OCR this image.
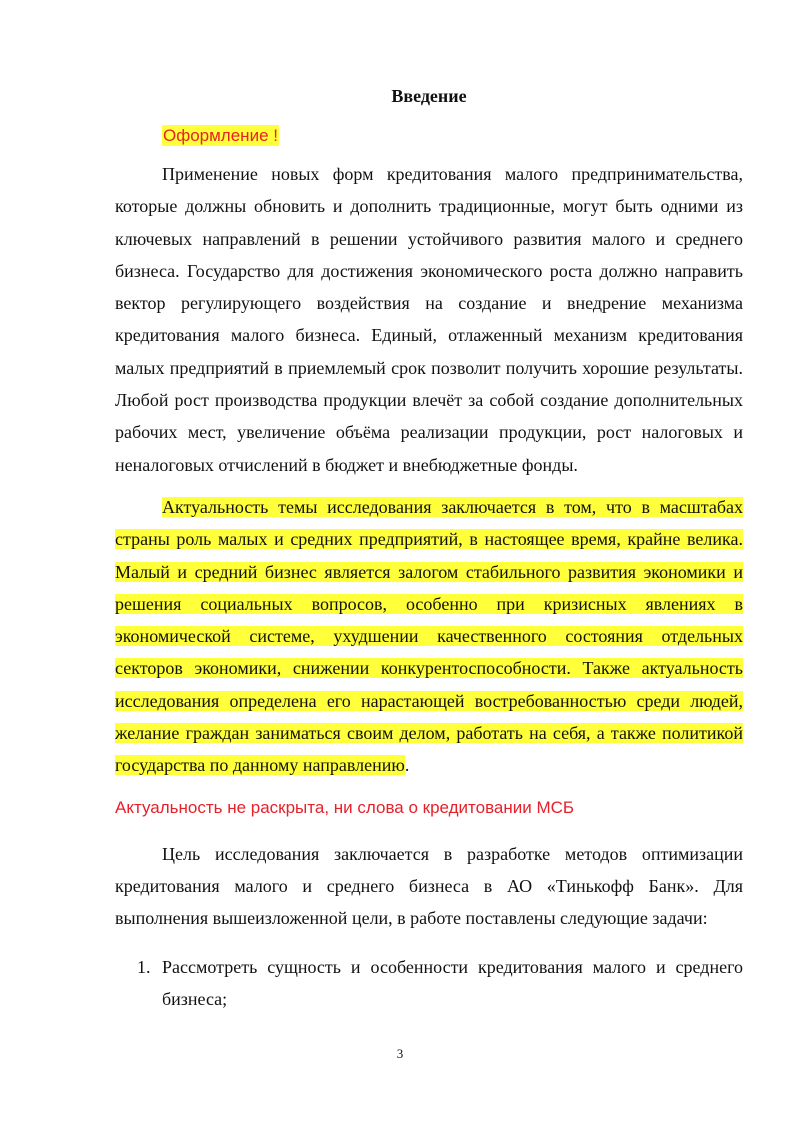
Введение
Оформление !

Применение новых форм кредитования малого предпринимательства, которые должны обновить и дополнить традиционные, могут быть одними из ключевых направлений в решении устойчивого развития малого и среднего бизнеса. Государство для достижения экономического роста должно направить вектор регулирующего воздействия на создание и внедрение механизма кредитования малого бизнеса. Единый, отлаженный механизм кредитования малых предприятий в приемлемый срок позволит получить хорошие результаты. Любой рост производства продукции влечёт за собой создание дополнительных рабочих мест, увеличение объёма реализации продукции, рост налоговых и неналоговых отчислений в бюджет и внебюджетные фонды.

Актуальность темы исследования заключается в том, что в масштабах страны роль малых и средних предприятий, в настоящее время, крайне велика. Малый и средний бизнес является залогом стабильного развития экономики и решения социальных вопросов, особенно при кризисных явлениях в экономической системе, ухудшении качественного состояния отдельных секторов экономики, снижении конкурентоспособности. Также актуальность исследования определена его нарастающей востребованностью среди людей, желание граждан заниматься своим делом, работать на себя, а также политикой государства по данному направлению.

Актуальность не раскрыта, ни слова о кредитовании МСБ

Цель исследования заключается в разработке методов оптимизации кредитования малого и среднего бизнеса в АО «Тинькофф Банк». Для выполнения вышеизложенной цели, в работе поставлены следующие задачи:

1. Рассмотреть сущность и особенности кредитования малого и среднего бизнеса;
3
